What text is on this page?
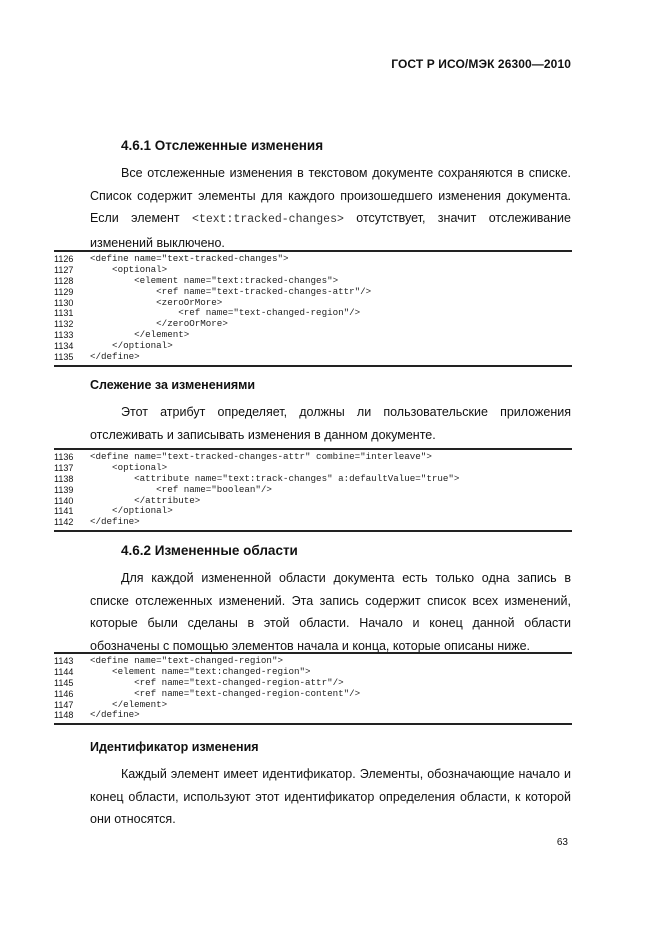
ГОСТ Р ИСО/МЭК 26300—2010
4.6.1 Отслеженные изменения

Все отслеженные изменения в текстовом документе сохраняются в списке. Список содержит элементы для каждого произошедшего изменения документа. Если элемент <text:tracked-changes> отсутствует, значит отслеживание изменений выключено.

1126	<define name="text-tracked-changes">
1127	<optional>
1128	<element name="text:tracked-changes">
1129	<ref name="text-tracked-changes-attr"/>
1130	<zeroOrMore>
1131	<ref name="text-changed-region"/>
1132	</zeroOrMore>
1133	</element>
1134	</optional>
1135	</define>
Слежение за изменениями

Этот атрибут определяет, должны ли пользовательские приложения отслеживать и записывать изменения в данном документе.

1136	<define name="text-tracked-changes-attr" combine="interleave">
1137	<optional>
1138	<attribute name="text:track-changes" a:defaultValue="true">
1139	<ref name="boolean"/>
1140	</attribute>
1141	</optional>
1142	</define>
4.6.2 Измененные области

Для каждой измененной области документа есть только одна запись в списке отслеженных изменений. Эта запись содержит список всех изменений, которые были сделаны в этой области. Начало и конец данной области обозначены с помощью элементов начала и конца, которые описаны ниже.

1143	<define name="text-changed-region">
1144	<element name="text:changed-region">
1145	<ref name="text-changed-region-attr"/>
1146	<ref name="text-changed-region-content"/>
1147	</element>
1148	</define>
Идентификатор изменения

Каждый элемент имеет идентификатор. Элементы, обозначающие начало и конец области, используют этот идентификатор определения области, к которой они относятся.

63
